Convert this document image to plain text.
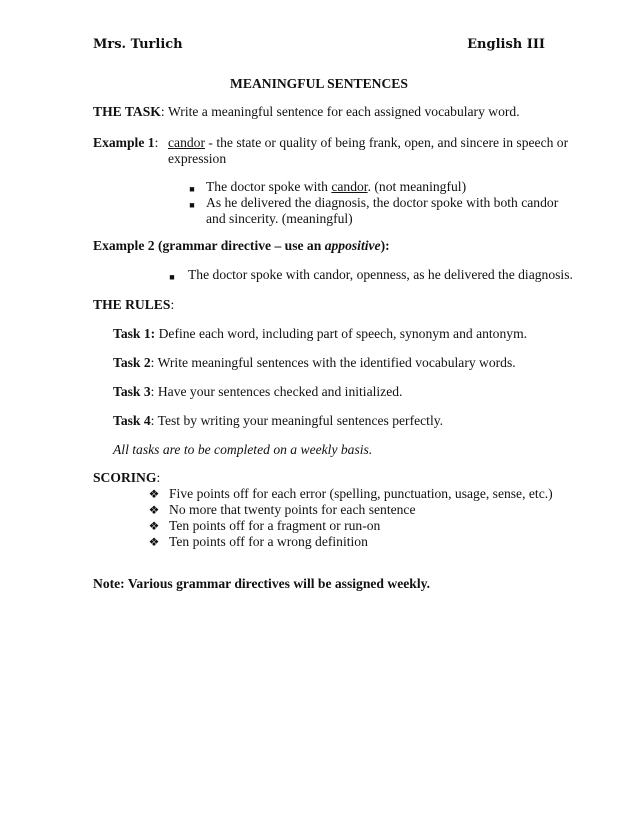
Mrs. Turlich	English III
MEANINGFUL SENTENCES
THE TASK: Write a meaningful sentence for each assigned vocabulary word.
Example 1: candor - the state or quality of being frank, open, and sincere in speech or
expression
■ The doctor spoke with candor. (not meaningful)
■ As he delivered the diagnosis, the doctor spoke with both candor
and sincerity. (meaningful)
Example 2 (grammar directive – use an appositive):
■ The doctor spoke with candor, openness, as he delivered the diagnosis.
THE RULES:
Task 1: Define each word, including part of speech, synonym and antonym.
Task 2: Write meaningful sentences with the identified vocabulary words.
Task 3: Have your sentences checked and initialized.
Task 4: Test by writing your meaningful sentences perfectly.
All tasks are to be completed on a weekly basis.
SCORING:
❖ Five points off for each error (spelling, punctuation, usage, sense, etc.)
❖ No more that twenty points for each sentence
❖ Ten points off for a fragment or run-on
❖ Ten points off for a wrong definition
Note: Various grammar directives will be assigned weekly.
